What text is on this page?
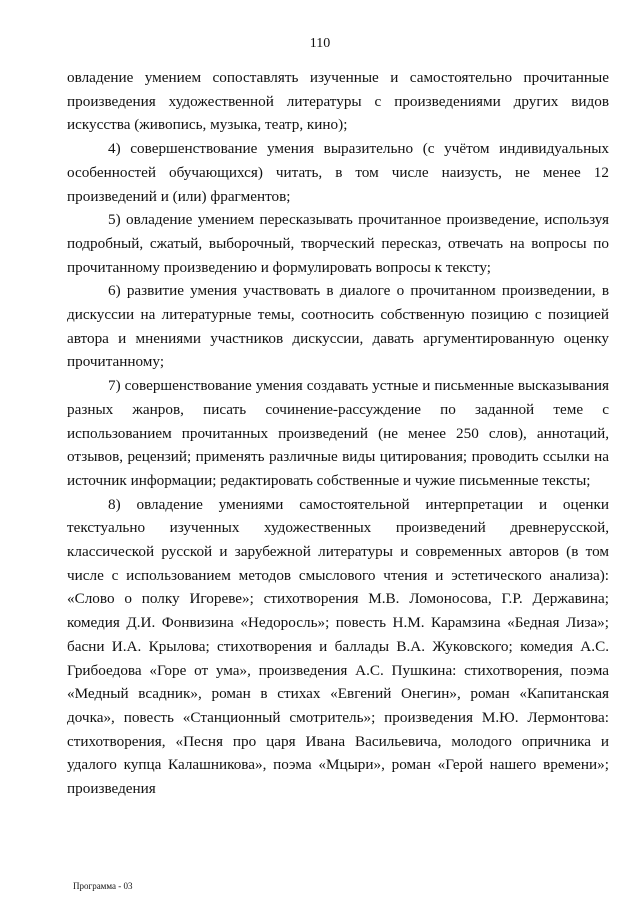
110

овладение умением сопоставлять изученные и самостоятельно прочитанные произведения художественной литературы с произведениями других видов искусства (живопись, музыка, театр, кино);

4) совершенствование умения выразительно (с учётом индивидуальных особенностей обучающихся) читать, в том числе наизусть, не менее 12 произведений и (или) фрагментов;

5) овладение умением пересказывать прочитанное произведение, используя подробный, сжатый, выборочный, творческий пересказ, отвечать на вопросы по прочитанному произведению и формулировать вопросы к тексту;

6) развитие умения участвовать в диалоге о прочитанном произведении, в дискуссии на литературные темы, соотносить собственную позицию с позицией автора и мнениями участников дискуссии, давать аргументированную оценку прочитанному;

7) совершенствование умения создавать устные и письменные высказывания разных жанров, писать сочинение-рассуждение по заданной теме с использованием прочитанных произведений (не менее 250 слов), аннотаций, отзывов, рецензий; применять различные виды цитирования; проводить ссылки на источник информации; редактировать собственные и чужие письменные тексты;

8) овладение умениями самостоятельной интерпретации и оценки текстуально изученных художественных произведений древнерусской, классической русской и зарубежной литературы и современных авторов (в том числе с использованием методов смыслового чтения и эстетического анализа): «Слово о полку Игореве»; стихотворения М.В. Ломоносова, Г.Р. Державина; комедия Д.И. Фонвизина «Недоросль»; повесть Н.М. Карамзина «Бедная Лиза»; басни И.А. Крылова; стихотворения и баллады В.А. Жуковского; комедия А.С. Грибоедова «Горе от ума», произведения А.С. Пушкина: стихотворения, поэма «Медный всадник», роман в стихах «Евгений Онегин», роман «Капитанская дочка», повесть «Станционный смотритель»; произведения М.Ю. Лермонтова: стихотворения, «Песня про царя Ивана Васильевича, молодого опричника и удалого купца Калашникова», поэма «Мцыри», роман «Герой нашего времени»; произведения

Программа - 03
